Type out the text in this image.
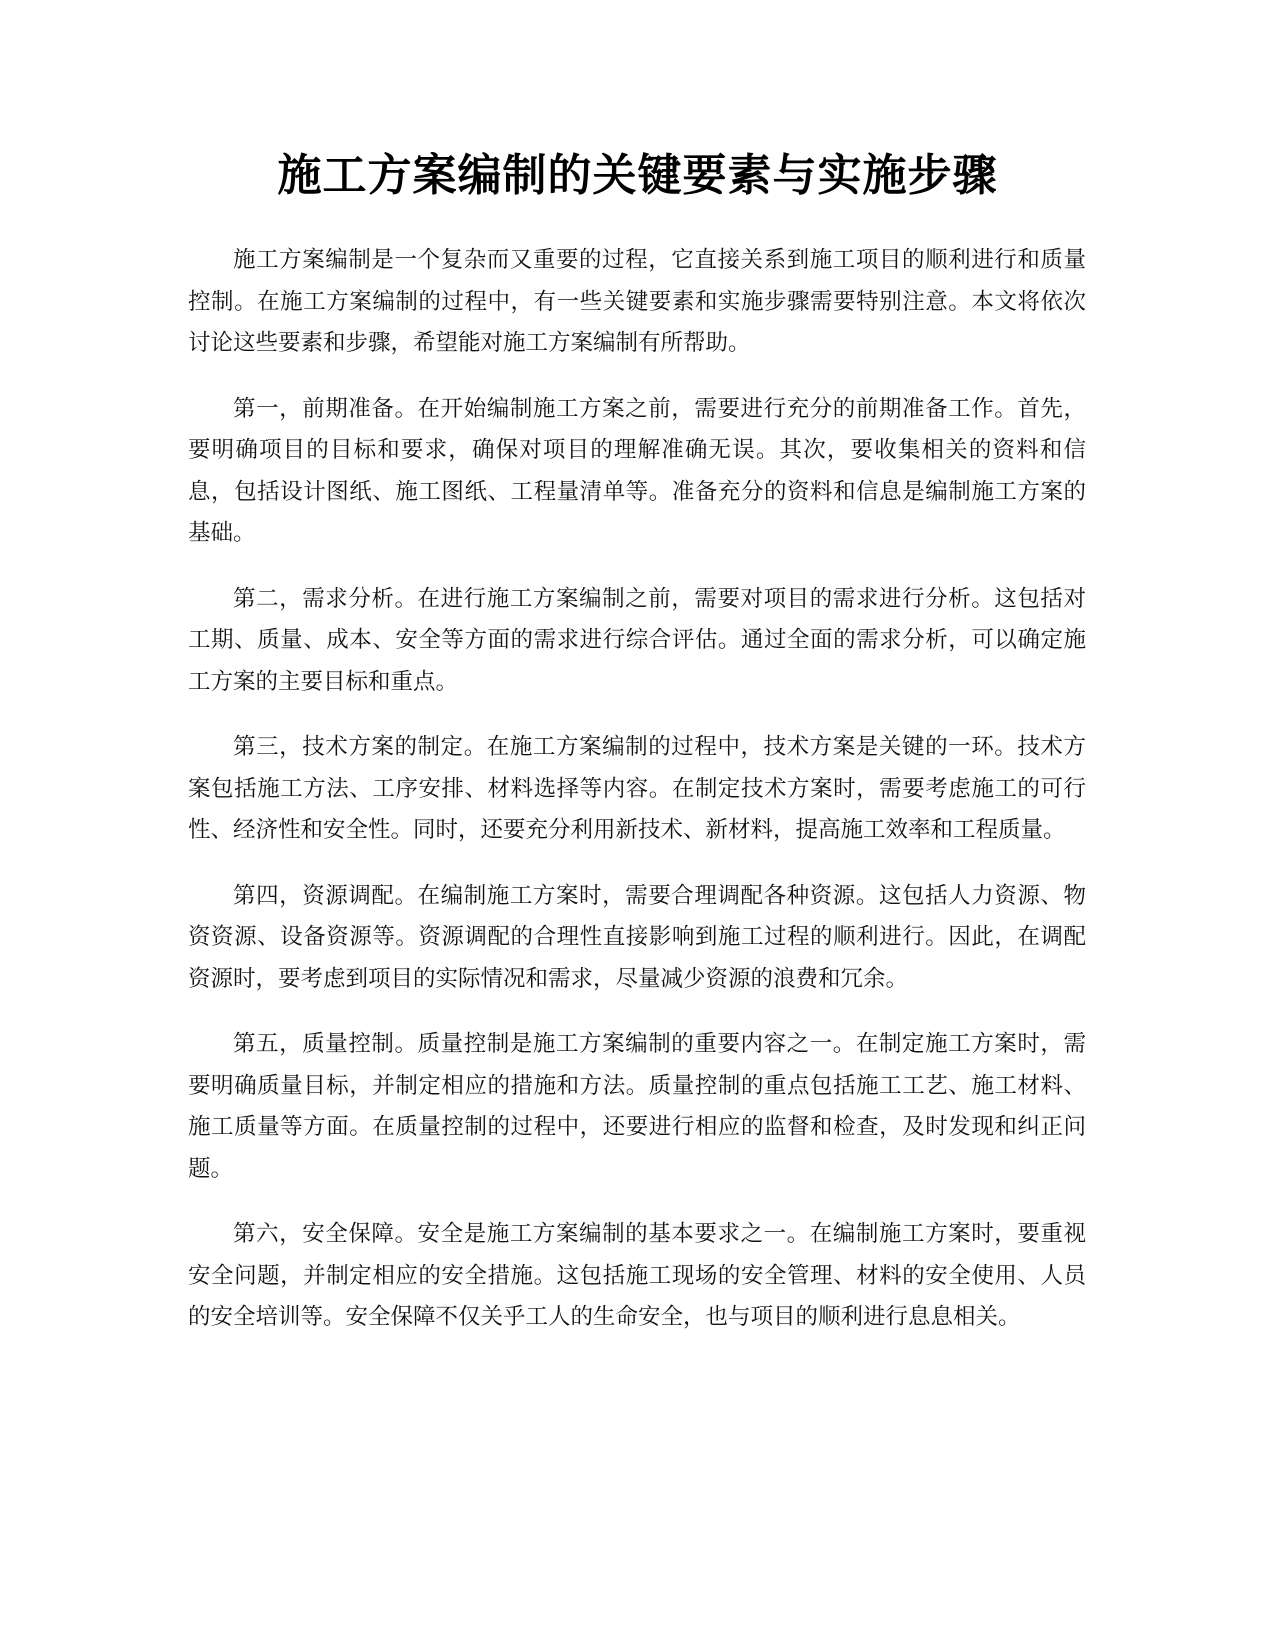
施工方案编制的关键要素与实施步骤

施工方案编制是一个复杂而又重要的过程，它直接关系到施工项目的顺利进行和质量控制。在施工方案编制的过程中，有一些关键要素和实施步骤需要特别注意。本文将依次讨论这些要素和步骤，希望能对施工方案编制有所帮助。

第一，前期准备。在开始编制施工方案之前，需要进行充分的前期准备工作。首先，要明确项目的目标和要求，确保对项目的理解准确无误。其次，要收集相关的资料和信息，包括设计图纸、施工图纸、工程量清单等。准备充分的资料和信息是编制施工方案的基础。

第二，需求分析。在进行施工方案编制之前，需要对项目的需求进行分析。这包括对工期、质量、成本、安全等方面的需求进行综合评估。通过全面的需求分析，可以确定施工方案的主要目标和重点。

第三，技术方案的制定。在施工方案编制的过程中，技术方案是关键的一环。技术方案包括施工方法、工序安排、材料选择等内容。在制定技术方案时，需要考虑施工的可行性、经济性和安全性。同时，还要充分利用新技术、新材料，提高施工效率和工程质量。

第四，资源调配。在编制施工方案时，需要合理调配各种资源。这包括人力资源、物资资源、设备资源等。资源调配的合理性直接影响到施工过程的顺利进行。因此，在调配资源时，要考虑到项目的实际情况和需求，尽量减少资源的浪费和冗余。

第五，质量控制。质量控制是施工方案编制的重要内容之一。在制定施工方案时，需要明确质量目标，并制定相应的措施和方法。质量控制的重点包括施工工艺、施工材料、施工质量等方面。在质量控制的过程中，还要进行相应的监督和检查，及时发现和纠正问题。

第六，安全保障。安全是施工方案编制的基本要求之一。在编制施工方案时，要重视安全问题，并制定相应的安全措施。这包括施工现场的安全管理、材料的安全使用、人员的安全培训等。安全保障不仅关乎工人的生命安全，也与项目的顺利进行息息相关。
